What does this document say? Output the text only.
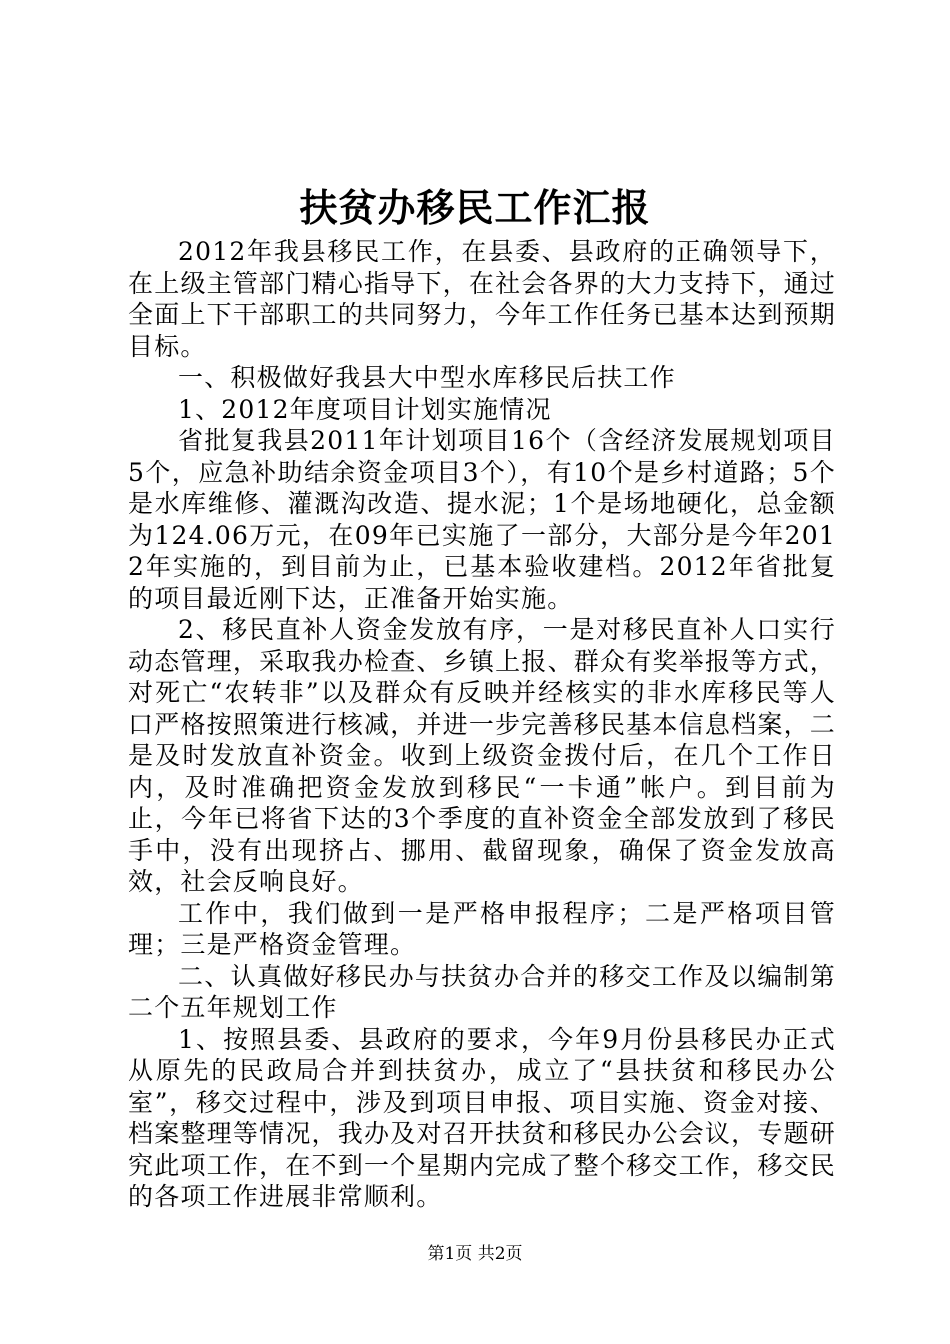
扶贫办移民工作汇报

2012年我县移民工作，在县委、县政府的正确领导下，在上级主管部门精心指导下，在社会各界的大力支持下，通过全面上下干部职工的共同努力，今年工作任务已基本达到预期目标。

一、积极做好我县大中型水库移民后扶工作

1、2012年度项目计划实施情况

省批复我县2011年计划项目16个（含经济发展规划项目5个，应急补助结余资金项目3个），有10个是乡村道路；5个是水库维修、灌溉沟改造、提水泥；1个是场地硬化，总金额为124.06万元，在09年已实施了一部分，大部分是今年2012年实施的，到目前为止，已基本验收建档。2012年省批复的项目最近刚下达，正准备开始实施。

2、移民直补人资金发放有序，一是对移民直补人口实行动态管理，采取我办检查、乡镇上报、群众有奖举报等方式，对死亡“农转非”以及群众有反映并经核实的非水库移民等人口严格按照策进行核减，并进一步完善移民基本信息档案，二是及时发放直补资金。收到上级资金拨付后，在几个工作日内，及时准确把资金发放到移民“一卡通”帐户。到目前为止，今年已将省下达的3个季度的直补资金全部发放到了移民手中，没有出现挤占、挪用、截留现象，确保了资金发放高效，社会反响良好。

工作中，我们做到一是严格申报程序；二是严格项目管理；三是严格资金管理。

二、认真做好移民办与扶贫办合并的移交工作及以编制第二个五年规划工作

1、按照县委、县政府的要求，今年9月份县移民办正式从原先的民政局合并到扶贫办，成立了“县扶贫和移民办公室”，移交过程中，涉及到项目申报、项目实施、资金对接、档案整理等情况，我办及对召开扶贫和移民办公会议，专题研究此项工作，在不到一个星期内完成了整个移交工作，移交民的各项工作进展非常顺利。

第1页 共2页
